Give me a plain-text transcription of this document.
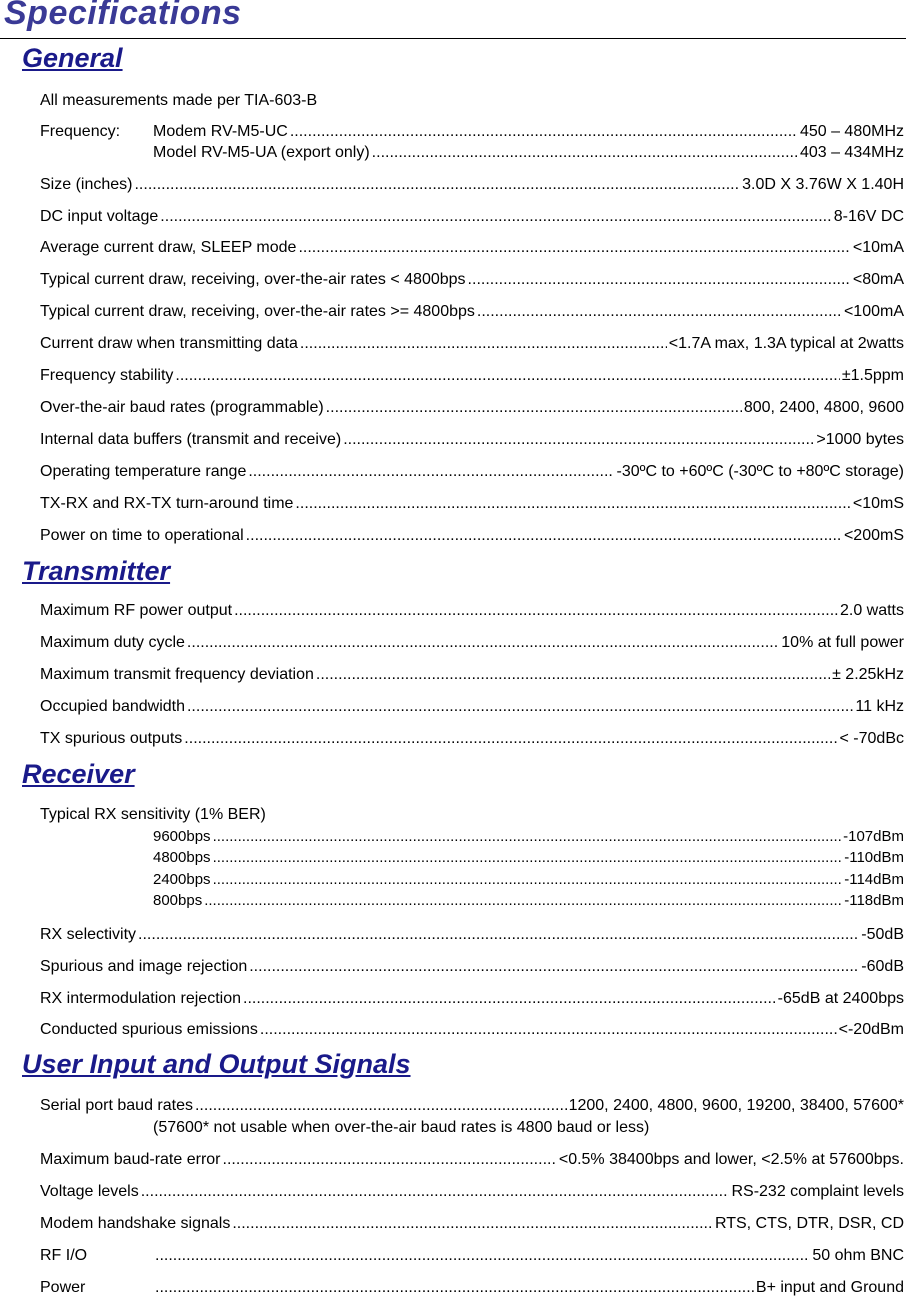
Specifications
General
All measurements made per TIA-603-B
Frequency: Modem RV-M5-UC .....	450 – 480MHz
Model RV-M5-UA (export only) .....	403 – 434MHz
Size (inches) .....	3.0D X 3.76W X 1.40H
DC input voltage .....	8-16V DC
Average current draw, SLEEP mode .....	<10mA
Typical current draw, receiving, over-the-air rates < 4800bps .....	<80mA
Typical current draw, receiving, over-the-air rates >= 4800bps .....	<100mA
Current draw when transmitting data .....	<1.7A max, 1.3A typical at 2watts
Frequency stability .....	±1.5ppm
Over-the-air baud rates (programmable) .....	800, 2400, 4800, 9600
Internal data buffers (transmit and receive) .....	>1000 bytes
Operating temperature range .....	-30ºC to +60ºC (-30ºC to +80ºC storage)
TX-RX and RX-TX turn-around time .....	<10mS
Power on time to operational .....	<200mS
Transmitter
Maximum RF power output .....	2.0 watts
Maximum duty cycle .....	10% at full power
Maximum transmit frequency deviation .....	± 2.25kHz
Occupied bandwidth .....	11 kHz
TX spurious outputs .....	< -70dBc
Receiver
Typical RX sensitivity (1% BER)
9600bps .....	-107dBm
4800bps .....	-110dBm
2400bps .....	-114dBm
800bps .....	-118dBm
RX selectivity .....	-50dB
Spurious and image rejection .....	-60dB
RX intermodulation rejection .....	-65dB at 2400bps
Conducted spurious emissions .....	<-20dBm
User Input and Output Signals
Serial port baud rates .....	1200, 2400, 4800, 9600, 19200, 38400, 57600*
(57600* not usable when over-the-air baud rates is 4800 baud or less)
Maximum baud-rate error .....	<0.5% 38400bps and lower, <2.5% at 57600bps.
Voltage levels .....	RS-232 complaint levels
Modem handshake signals .....	RTS, CTS, DTR, DSR, CD
RF I/O .....	50 ohm BNC
Power .....	B+ input and Ground
